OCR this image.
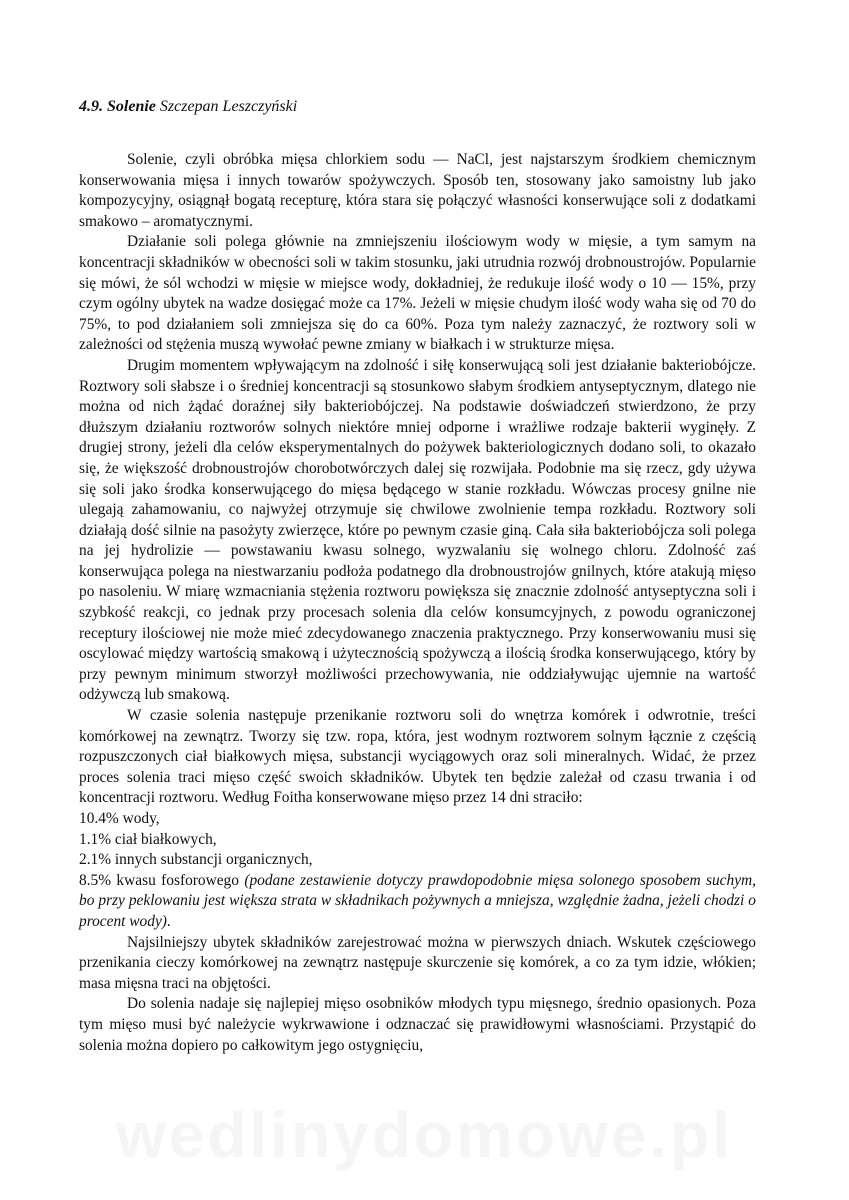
4.9. Solenie Szczepan Leszczyński

Solenie, czyli obróbka mięsa chlorkiem sodu — NaCl, jest najstarszym środkiem chemicznym konserwowania mięsa i innych towarów spożywczych. Sposób ten, stosowany jako samoistny lub jako kompozycyjny, osiągnął bogatą recepturę, która stara się połączyć własności konserwujące soli z dodatkami smakowo – aromatycznymi.

Działanie soli polega głównie na zmniejszeniu ilościowym wody w mięsie, a tym samym na koncentracji składników w obecności soli w takim stosunku, jaki utrudnia rozwój drobnoustrojów. Popularnie się mówi, że sól wchodzi w mięsie w miejsce wody, dokładniej, że redukuje ilość wody o 10 — 15%, przy czym ogólny ubytek na wadze dosięgać może ca 17%. Jeżeli w mięsie chudym ilość wody waha się od 70 do 75%, to pod działaniem soli zmniejsza się do ca 60%. Poza tym należy zaznaczyć, że roztwory soli w zależności od stężenia muszą wywołać pewne zmiany w białkach i w strukturze mięsa.

Drugim momentem wpływającym na zdolność i siłę konserwującą soli jest działanie bakteriobójcze. Roztwory soli słabsze i o średniej koncentracji są stosunkowo słabym środkiem antyseptycznym, dlatego nie można od nich żądać doraźnej siły bakteriobójczej. Na podstawie doświadczeń stwierdzono, że przy dłuższym działaniu roztworów solnych niektóre mniej odporne i wrażliwe rodzaje bakterii wyginęły. Z drugiej strony, jeżeli dla celów eksperymentalnych do pożywek bakteriologicznych dodano soli, to okazało się, że większość drobnoustrojów chorobotwórczych dalej się rozwijała. Podobnie ma się rzecz, gdy używa się soli jako środka konserwującego do mięsa będącego w stanie rozkładu. Wówczas procesy gnilne nie ulegają zahamowaniu, co najwyżej otrzymuje się chwilowe zwolnienie tempa rozkładu. Roztwory soli działają dość silnie na pasożyty zwierzęce, które po pewnym czasie giną. Cała siła bakteriobójcza soli polega na jej hydrolizie — powstawaniu kwasu solnego, wyzwalaniu się wolnego chloru. Zdolność zaś konserwująca polega na niestwarzaniu podłoża podatnego dla drobnoustrojów gnilnych, które atakują mięso po nasoleniu. W miarę wzmacniania stężenia roztworu powiększa się znacznie zdolność antyseptyczna soli i szybkość reakcji, co jednak przy procesach solenia dla celów konsumcyjnych, z powodu ograniczonej receptury ilościowej nie może mieć zdecydowanego znaczenia praktycznego. Przy konserwowaniu musi się oscylować między wartością smakową i użytecznością spożywczą a ilością środka konserwującego, który by przy pewnym minimum stworzył możliwości przechowywania, nie oddziaływując ujemnie na wartość odżywczą lub smakową.

W czasie solenia następuje przenikanie roztworu soli do wnętrza komórek i odwrotnie, treści komórkowej na zewnątrz. Tworzy się tzw. ropa, która, jest wodnym roztworem solnym łącznie z częścią rozpuszczonych ciał białkowych mięsa, substancji wyciągowych oraz soli mineralnych. Widać, że przez proces solenia traci mięso część swoich składników. Ubytek ten będzie zależał od czasu trwania i od koncentracji roztworu. Według Foitha konserwowane mięso przez 14 dni straciło:

10.4% wody,

1.1% ciał białkowych,

2.1% innych substancji organicznych,

8.5% kwasu fosforowego (podane zestawienie dotyczy prawdopodobnie mięsa solonego sposobem suchym, bo przy peklowaniu jest większa strata w składnikach pożywnych a mniejsza, względnie żadna, jeżeli chodzi o procent wody).

Najsilniejszy ubytek składników zarejestrować można w pierwszych dniach. Wskutek częściowego przenikania cieczy komórkowej na zewnątrz następuje skurczenie się komórek, a co za tym idzie, włókien; masa mięsna traci na objętości.

Do solenia nadaje się najlepiej mięso osobników młodych typu mięsnego, średnio opasionych. Poza tym mięso musi być należycie wykrwawione i odznaczać się prawidłowymi własnościami. Przystąpić do solenia można dopiero po całkowitym jego ostygnięciu,

wedlinydomowe.pl
